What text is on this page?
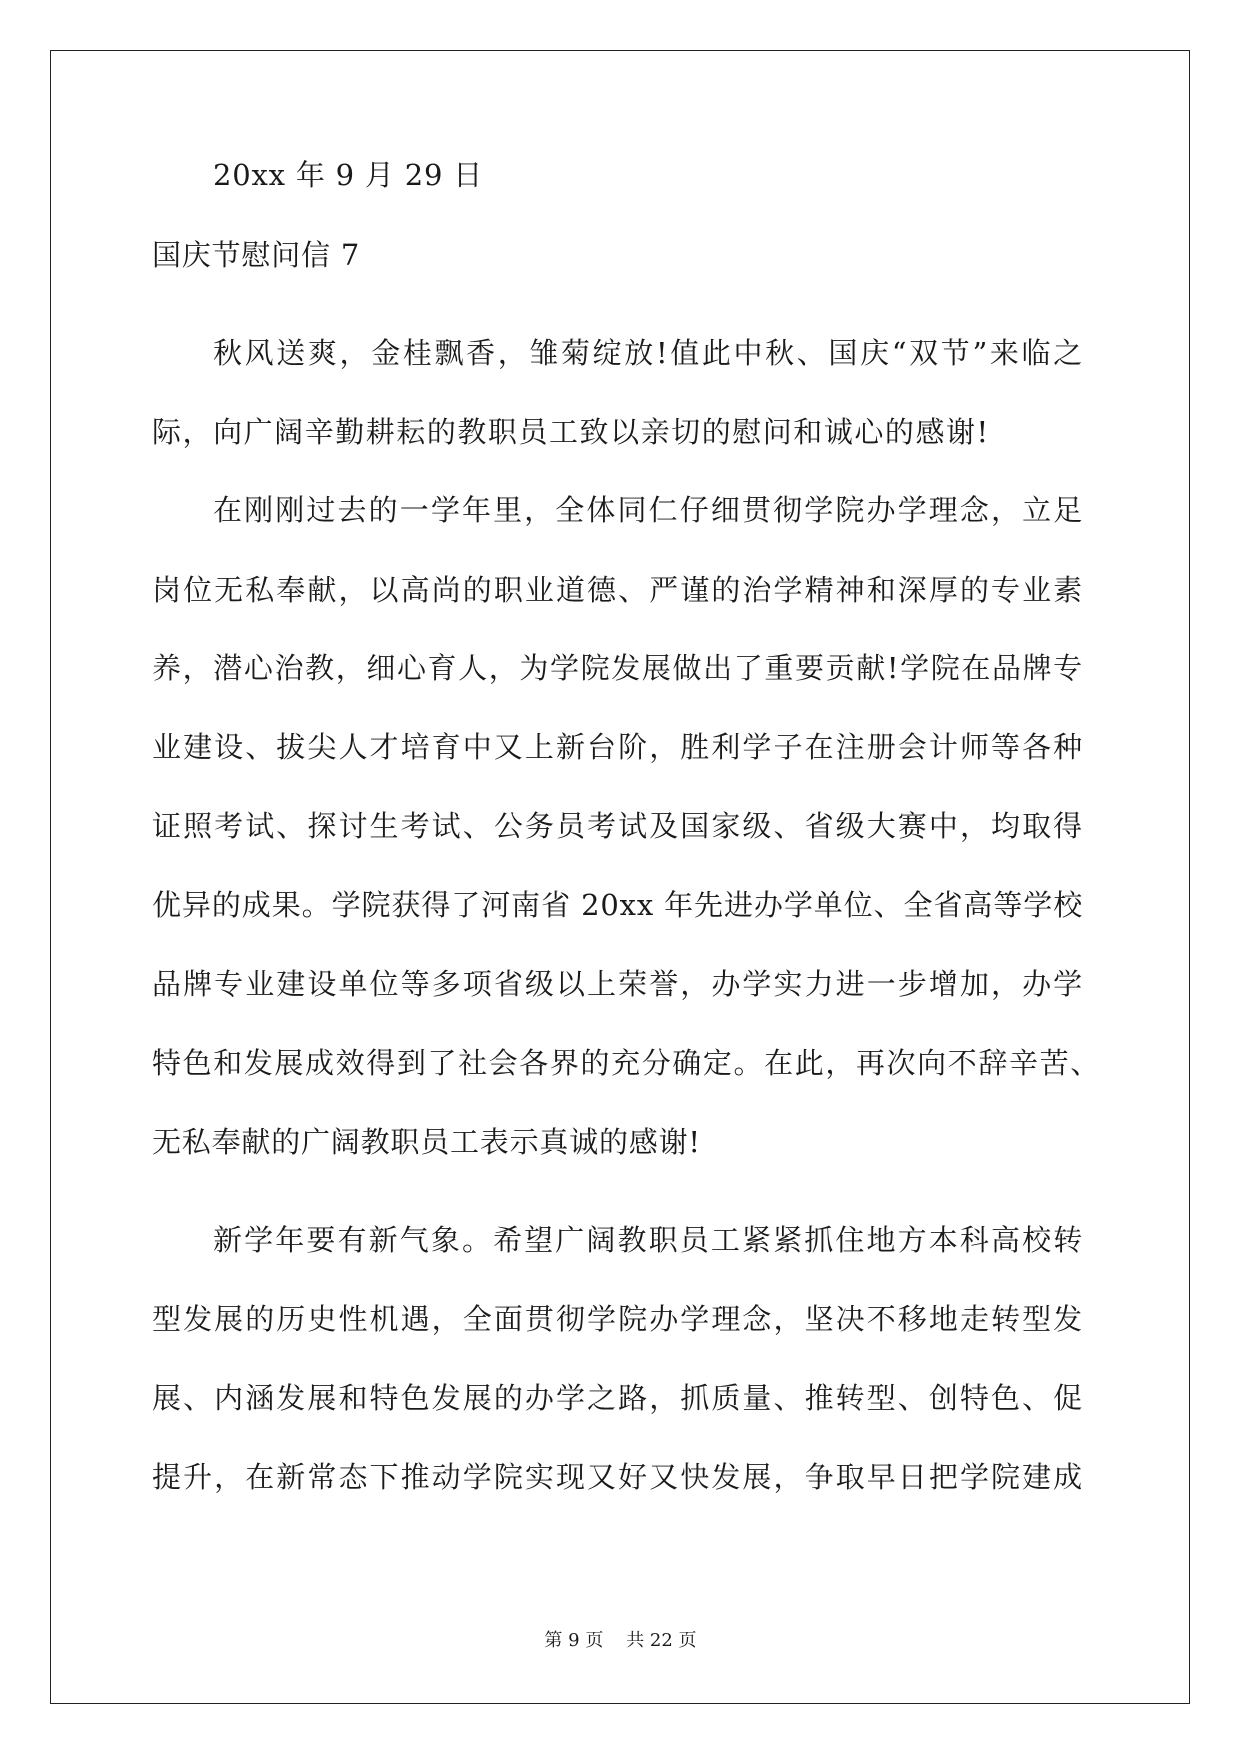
20xx 年 9 月 29 日
国庆节慰问信 7
秋风送爽，金桂飘香，雏菊绽放!值此中秋、国庆“双节”来临之
际，向广阔辛勤耕耘的教职员工致以亲切的慰问和诚心的感谢!
在刚刚过去的一学年里，全体同仁仔细贯彻学院办学理念，立足
岗位无私奉献，以高尚的职业道德、严谨的治学精神和深厚的专业素
养，潜心治教，细心育人，为学院发展做出了重要贡献!学院在品牌专
业建设、拔尖人才培育中又上新台阶，胜利学子在注册会计师等各种
证照考试、探讨生考试、公务员考试及国家级、省级大赛中，均取得
优异的成果。学院获得了河南省 20xx 年先进办学单位、全省高等学校
品牌专业建设单位等多项省级以上荣誉，办学实力进一步增加，办学
特色和发展成效得到了社会各界的充分确定。在此，再次向不辞辛苦、
无私奉献的广阔教职员工表示真诚的感谢!
新学年要有新气象。希望广阔教职员工紧紧抓住地方本科高校转
型发展的历史性机遇，全面贯彻学院办学理念，坚决不移地走转型发
展、内涵发展和特色发展的办学之路，抓质量、推转型、创特色、促
提升，在新常态下推动学院实现又好又快发展，争取早日把学院建成
第 9 页    共 22 页
